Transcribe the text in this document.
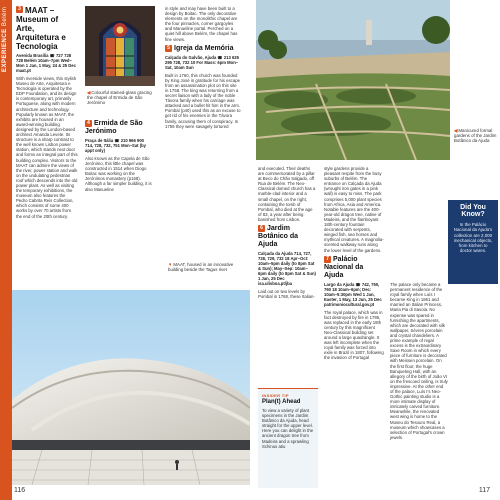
EXPERIENCE Belém	3 MAAT – Museum of Arte, Arquitetura e Tecnologia

Avenida Brasília ☎ 727 728 728 Belém 10am–7pm Wed–Mon 1 Jan, 1 May, 24 & 25 Dec maat.pt

With riverside views, this stylish Museu de Arte, Arquitetura e Tecnologia is operated by the EDP Foundation, and its design is contemporary art, primarily Portuguese, along with modern architecture and technology. Popularly known as MAAT, the exhibits are housed in an award-winning building designed by the London-based architect Amanda Levete. Its structure is a sharp contrast to the well known Lisbon power station, which stands next door and forms an integral part of this building complex. Visitors to the MAAT can admire the views of the river, power station and walk on the undulating pedestrian roof which descends into the old power plant. As well as visiting the temporary exhibitions, the museum also features the Pedro Cabrita Reis Collection, which consists of some 400 works by over 70 artists from the end of the 20th century.

◀Colourful stained-glass gracing the chapel of Ermida de São Jerónimo
4 Ermida de São Jerónimo

Praça de Itália ☎ 210 966 900 714, 728, 732, 751 Mon–Sat (by appt only)

Also known as the Capela de São Jerónimo, this little chapel was constructed in 1514 when Diogo Boitac was working on the Jerónimos monastery (p168). Although a far simpler building, it is also Manueline

in style and may have been built to a design by Boitac. The only decorative elements on the monolithic chapel are the four pinnacles, corner gargoyles and Manueline portal. Perched on a quiet hill above Belém, the chapel has fine views.

5 Igreja da Memória

Calçada do Galvão, Ajuda ☎ 213 635 295 728, 732 10 For Mass: 6pm Mon–Sat, 10am Sun

Built in 1760, this church was founded by King José in gratitude for his escape from an assassination plot on this site in 1758. The king was returning from a secret liaison with a lady of the noble Távora family when his carriage was attacked and a bullet hit him in the arm. Pombal (p40) used this as an excuse to get rid of his enemies in the Távora family, accusing them of conspiracy. In 1759 they were savagely tortured

▼MAAT, housed in an innovative building beside the Tagus river
116
◀Manicured formal gardens of the Jardim Botânico da Ajuda

and executed. Their deaths are commemorated by a pillar at Beco do Chão Salgado, off Rua de Belém. The Neo-Classical domed church has a marble-clad interior and a small chapel, on the right, containing the tomb of Pombal, who died at the age of 83, a year after being banished from Lisbon.

6 Jardim Botânico da Ajuda

Calçada da Ajuda 714, 727, 728, 729, 732 18 Apr–Oct: 10am–5pm daily (to 8pm Sat & Sun); May–Sep: 10am–6pm daily (to 8pm Sat & Sun) 1 Jan, 25 Dec isa.ulisboa.pt/jba

Laid out on two levels by Pombal in 1768, these Italian-

INSIDER TIP
Plan(t) Ahead
To view a variety of plant specimens in the Jardim Botânico da Ajuda, head straight for the upper level. Here you can delight in the ancient dragon tree from Madeira and a sprawling Schinus atiu

style gardens provide a pleasant respite from the busy suburbs of Belém. The entrance on Calçada da Ajuda (wrought iron gates in a pink wall) is easy to miss. The park comprises 5,000 plant species from Africa, Asia and America. Notable features are the 400-year-old dragon tree, native of Madeira, and the flamboyant 18th-century fountain decorated with serpents, winged fish, sea horses and mythical creatures. A magnolia-scented walkway runs along the lower level of the gardens.

7 Palácio Nacional da Ajuda

Largo da Ajuda ☎ 742, 750, 760 18 10am–6pm; Dec: 10am–5:30pm Wed 1 Jan, Easter, 1 May, 13 Jun, 25 Dec patrimoniocultural.gov.pt

The royal palace, which was in fact destroyed by fire in 1795, was replaced in the early 19th century by this magnificent Neo-Classical building set around a large quadrangle. It was left incomplete when the royal family was forced into exile in Brazil in 1807, following the invasion of Portugal

The palace only became a permanent residence of the royal family when Luís I became King in 1861 and married an Italian Princess, Maria Pia di Savoia. No expense was spared in furnishing the apartments, which are decorated with silk wallpaper, Sèvres porcelain and crystal chandeliers. A prime example of regal excess is the extraordinary Saxe Room in which every piece of furniture is decorated with Meissen porcelain. On the first floor, the huge Banqueting Hall, with an allegory of the birth of João VI on the frescoed ceiling, is truly impressive. At the other end of the palace, Luís I's Neo-Gothic painting studio is a more intimate display of intricately carved furniture. Meanwhile, the renovated west wing is home to the Museu do Tesouro Real, a museum which showcases a selection of Portugal's crown jewels.

Did You Know?
In the Palácio Nacional da Ajuda's collection are 2,000 mechanical objects, from kitchen to doctor wares.
117
